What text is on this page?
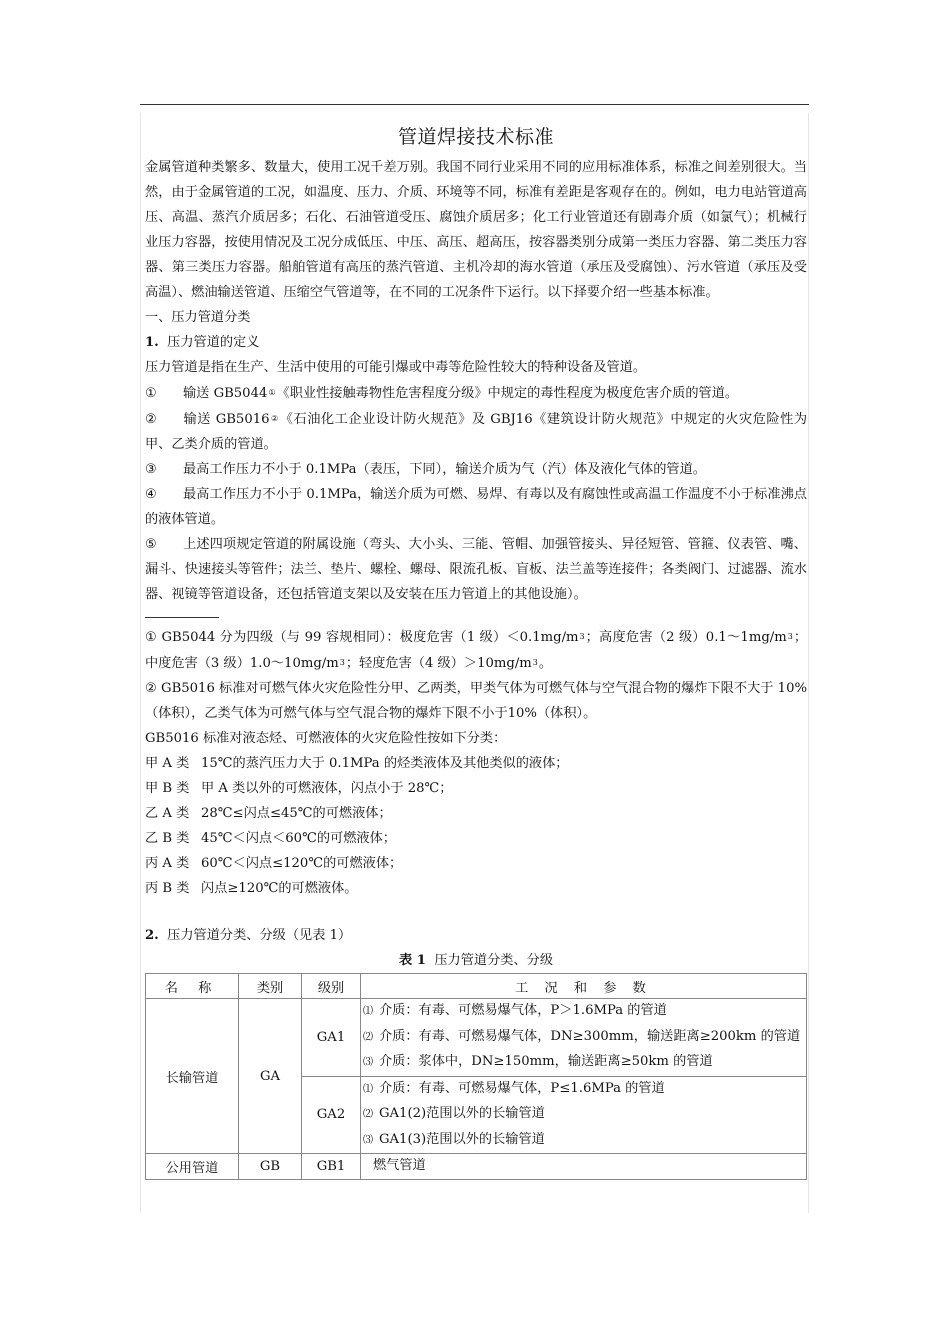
管道焊接技术标准

金属管道种类繁多、数量大，使用工况千差万别。我国不同行业采用不同的应用标准体系，标准之间差别很大。当然，由于金属管道的工况，如温度、压力、介质、环境等不同，标准有差距是客观存在的。例如，电力电站管道高压、高温、蒸汽介质居多；石化、石油管道受压、腐蚀介质居多；化工行业管道还有剧毒介质（如氯气）；机械行业压力容器，按使用情况及工况分成低压、中压、高压、超高压，按容器类别分成第一类压力容器、第二类压力容器、第三类压力容器。船舶管道有高压的蒸汽管道、主机冷却的海水管道（承压及受腐蚀）、污水管道（承压及受高温）、燃油输送管道、压缩空气管道等，在不同的工况条件下运行。以下择要介绍一些基本标准。

一、压力管道分类

1. 压力管道的定义

压力管道是指在生产、生活中使用的可能引爆或中毒等危险性较大的特种设备及管道。

① 输送 GB5044①《职业性接触毒物性危害程度分级》中规定的毒性程度为极度危害介质的管道。

② 输送 GB5016②《石油化工企业设计防火规范》及 GBJ16《建筑设计防火规范》中规定的火灾危险性为甲、乙类介质的管道。

③ 最高工作压力不小于 0.1MPa（表压，下同），输送介质为气（汽）体及液化气体的管道。

④ 最高工作压力不小于 0.1MPa，输送介质为可燃、易焊、有毒以及有腐蚀性或高温工作温度不小于标准沸点的液体管道。

⑤ 上述四项规定管道的附属设施（弯头、大小头、三能、管帽、加强管接头、异径短管、管箍、仪表管、嘴、漏斗、快速接头等管件；法兰、垫片、螺栓、螺母、限流孔板、盲板、法兰盖等连接件；各类阀门、过滤器、流水器、视镜等管道设备，还包括管道支架以及安装在压力管道上的其他设施）。

① GB5044 分为四级（与 99 容规相同）：极度危害（1 级）$<0.1mg/m^3$；高度危害（2 级）$0.1\sim 1mg/m^3$；中度危害（3 级）$1.0\sim 10mg/m^3$；轻度危害（4 级）$>10mg/m^3$。

② GB5016 标准对可燃气体火灾危险性分甲、乙两类，甲类气体为可燃气体与空气混合物的爆炸下限不大于 10%（体积），乙类气体为可燃气体与空气混合物的爆炸下限不小于10%（体积）。

GB5016 标准对液态烃、可燃液体的火灾危险性按如下分类：

甲 A 类 15℃的蒸汽压力大于 0.1MPa 的烃类液体及其他类似的液体；

甲 B 类 甲 A 类以外的可燃液体，闪点小于 28℃；

乙 A 类 28℃≤闪点≤45℃的可燃液体；

乙 B 类 45℃＜闪点＜60℃的可燃液体；

丙 A 类 60℃＜闪点≤120℃的可燃液体；

丙 B 类 闪点≥120℃的可燃液体。

2. 压力管道分类、分级（见表 1）

表 1 压力管道分类、分级
名 称	类别	级别	工 况 和 参 数
长输管道	GA	GA1	⑴ 介质：有毒、可燃易爆气体，P＞1.6MPa 的管道
⑵ 介质：有毒、可燃易爆气体，DN≥300mm，输送距离≥200km 的管道
⑶ 介质：浆体中，DN≥150mm，输送距离≥50km 的管道

		GA2	⑴ 介质：有毒、可燃易爆气体，P≤1.6MPa 的管道
⑵ GA1(2)范围以外的长输管道
⑶ GA1(3)范围以外的长输管道

公用管道	GB	GB1	燃气管道
